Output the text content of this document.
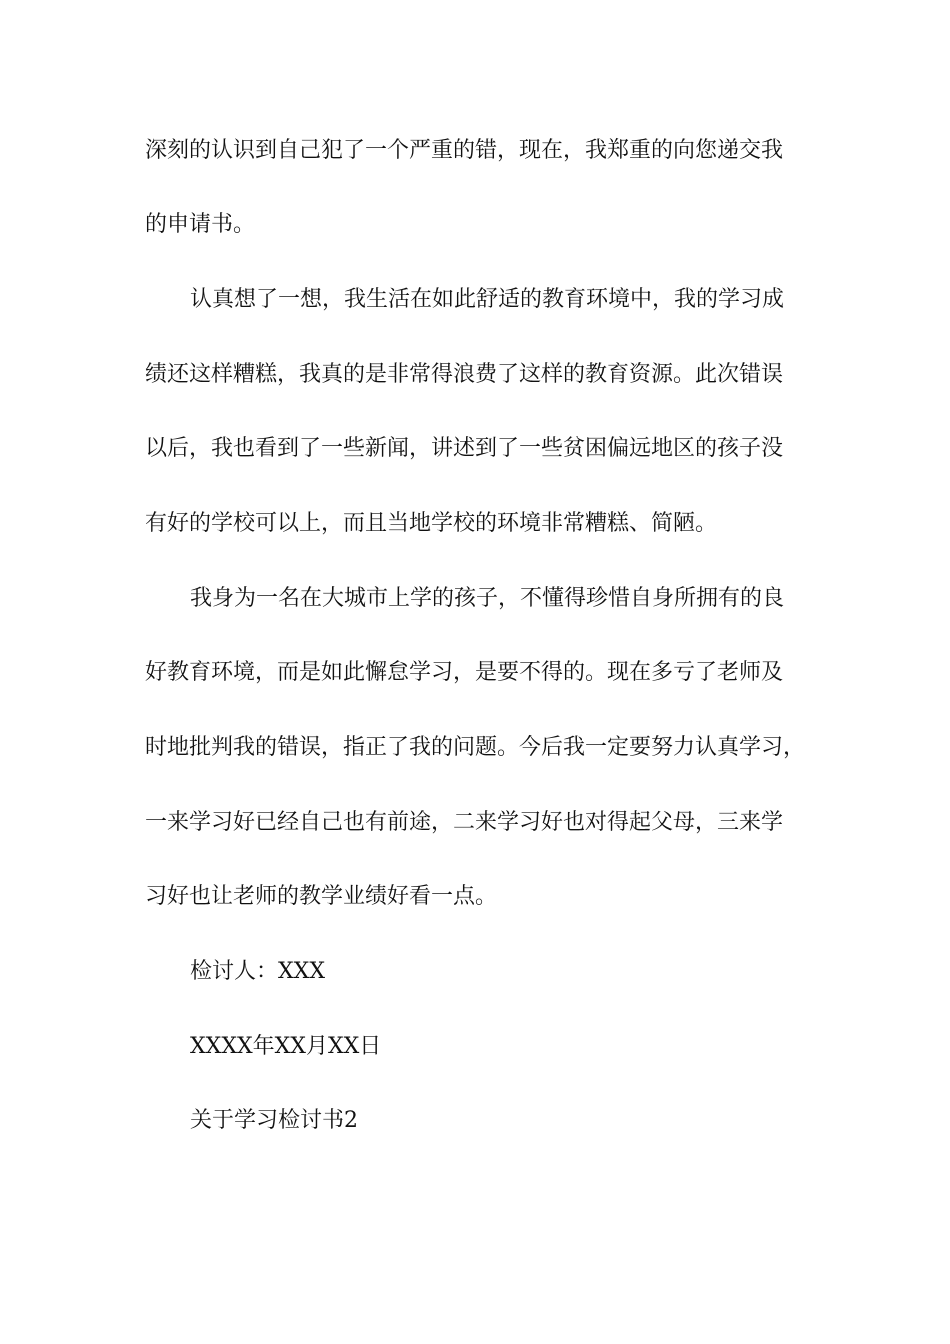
深刻的认识到自己犯了一个严重的错，现在，我郑重的向您递交我
的申请书。
认真想了一想，我生活在如此舒适的教育环境中，我的学习成
绩还这样糟糕，我真的是非常得浪费了这样的教育资源。此次错误
以后，我也看到了一些新闻，讲述到了一些贫困偏远地区的孩子没
有好的学校可以上，而且当地学校的环境非常糟糕、简陋。
我身为一名在大城市上学的孩子，不懂得珍惜自身所拥有的良
好教育环境，而是如此懈怠学习，是要不得的。现在多亏了老师及
时地批判我的错误，指正了我的问题。今后我一定要努力认真学习，
一来学习好已经自己也有前途，二来学习好也对得起父母，三来学
习好也让老师的教学业绩好看一点。
检讨人：XXX
XXXX年XX月XX日
关于学习检讨书2
